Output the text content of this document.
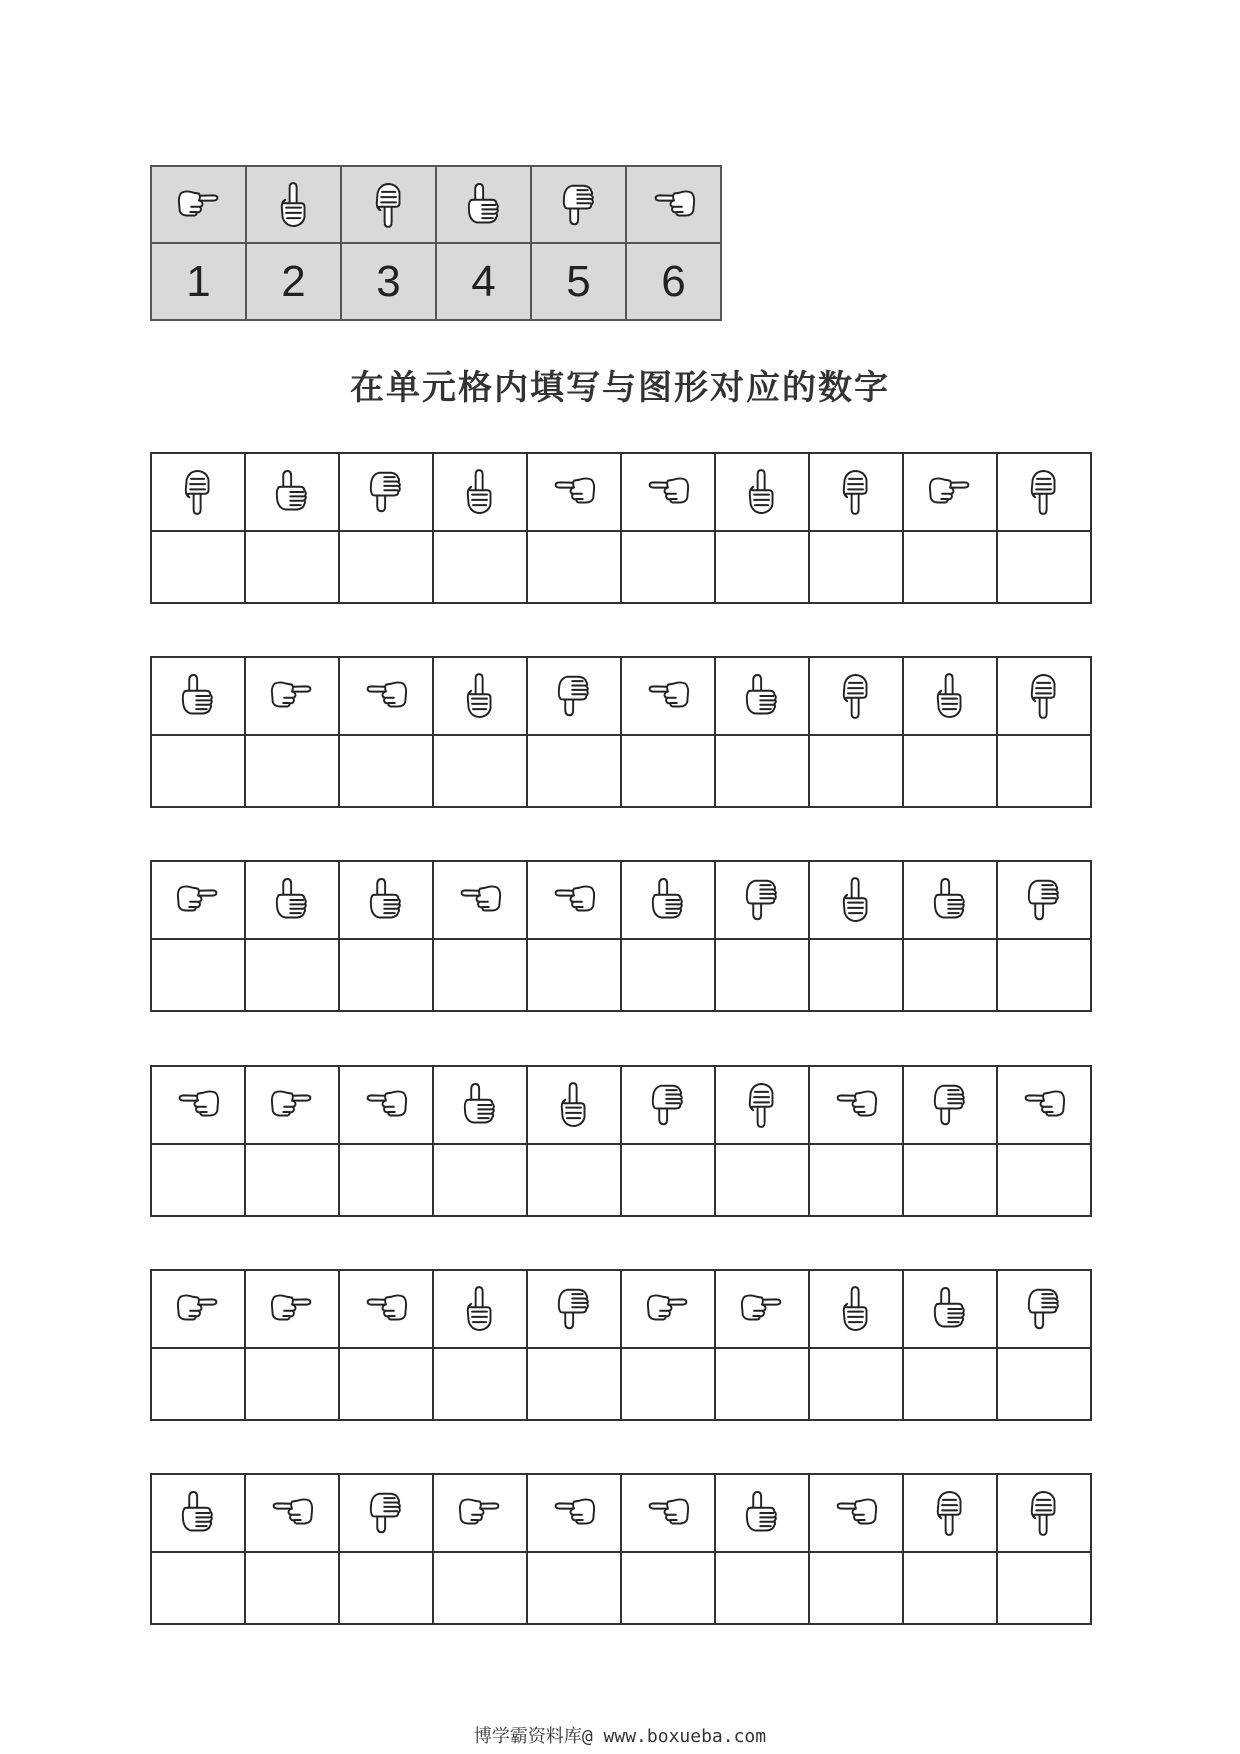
1	2	3	4	5	6
在单元格内填写与图形对应的数字

博学霸资料库@ www.boxueba.com
